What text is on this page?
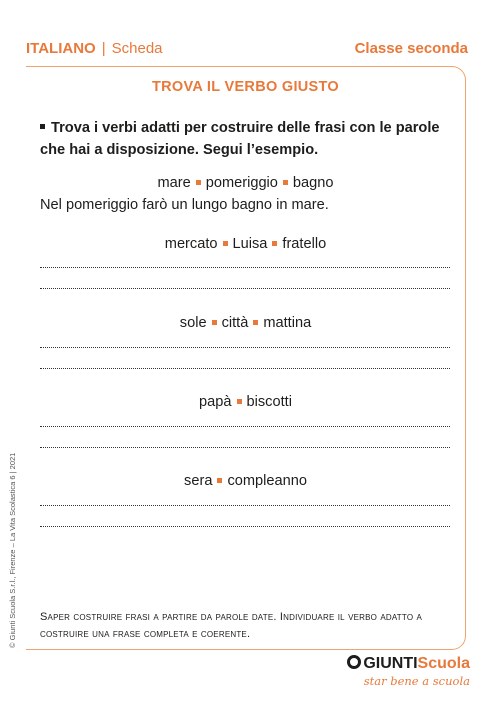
ITALIANO | Scheda	Classe seconda
TROVA IL VERBO GIUSTO
Trova i verbi adatti per costruire delle frasi con le parole che hai a disposizione. Segui l’esempio.
mare pomeriggio bagno
Nel pomeriggio farò un lungo bagno in mare.
mercato Luisa fratello
sole città mattina
papà biscotti
sera compleanno
Saper costruire frasi a partire da parole date. Individuare il verbo adatto a costruire una frase completa e coerente.
© Giunti Scuola S.r.l., Firenze – La Vita Scolastica 6 | 2021
GIUNTIScuola
star bene a scuola
